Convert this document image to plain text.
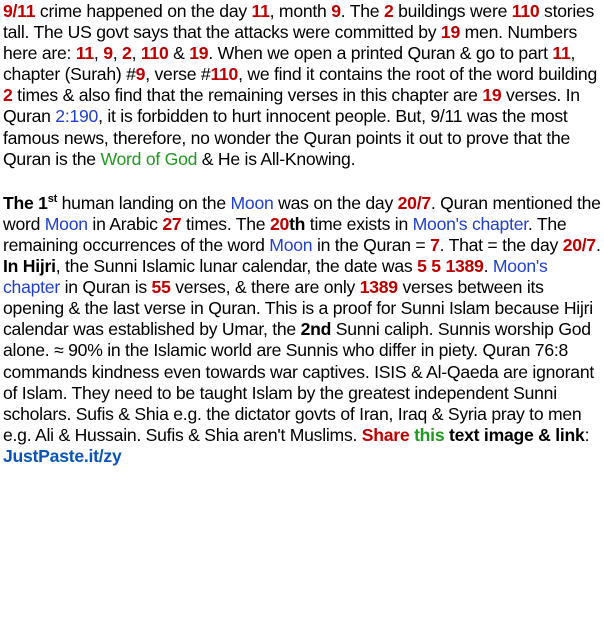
9/11 crime happened on the day 11, month 9. The 2 buildings were 110 stories tall. The US govt says that the attacks were committed by 19 men. Numbers here are: 11, 9, 2, 110 & 19. When we open a printed Quran & go to part 11, chapter (Surah) #9, verse #110, we find it contains the root of the word building 2 times & also find that the remaining verses in this chapter are 19 verses. In Quran 2:190, it is forbidden to hurt innocent people. But, 9/11 was the most famous news, therefore, no wonder the Quran points it out to prove that the Quran is the Word of God & He is All-Knowing.

The 1st human landing on the Moon was on the day 20/7. Quran mentioned the word Moon in Arabic 27 times. The 20th time exists in Moon's chapter. The remaining occurrences of the word Moon in the Quran = 7. That = the day 20/7. In Hijri, the Sunni Islamic lunar calendar, the date was 5 5 1389. Moon's chapter in Quran is 55 verses, & there are only 1389 verses between its opening & the last verse in Quran. This is a proof for Sunni Islam because Hijri calendar was established by Umar, the 2nd Sunni caliph. Sunnis worship God alone. ≈ 90% in the Islamic world are Sunnis who differ in piety. Quran 76:8 commands kindness even towards war captives. ISIS & Al-Qaeda are ignorant of Islam. They need to be taught Islam by the greatest independent Sunni scholars. Sufis & Shia e.g. the dictator govts of Iran, Iraq & Syria pray to men e.g. Ali & Hussain. Sufis & Shia aren't Muslims. Share this text image & link: JustPaste.it/zy
